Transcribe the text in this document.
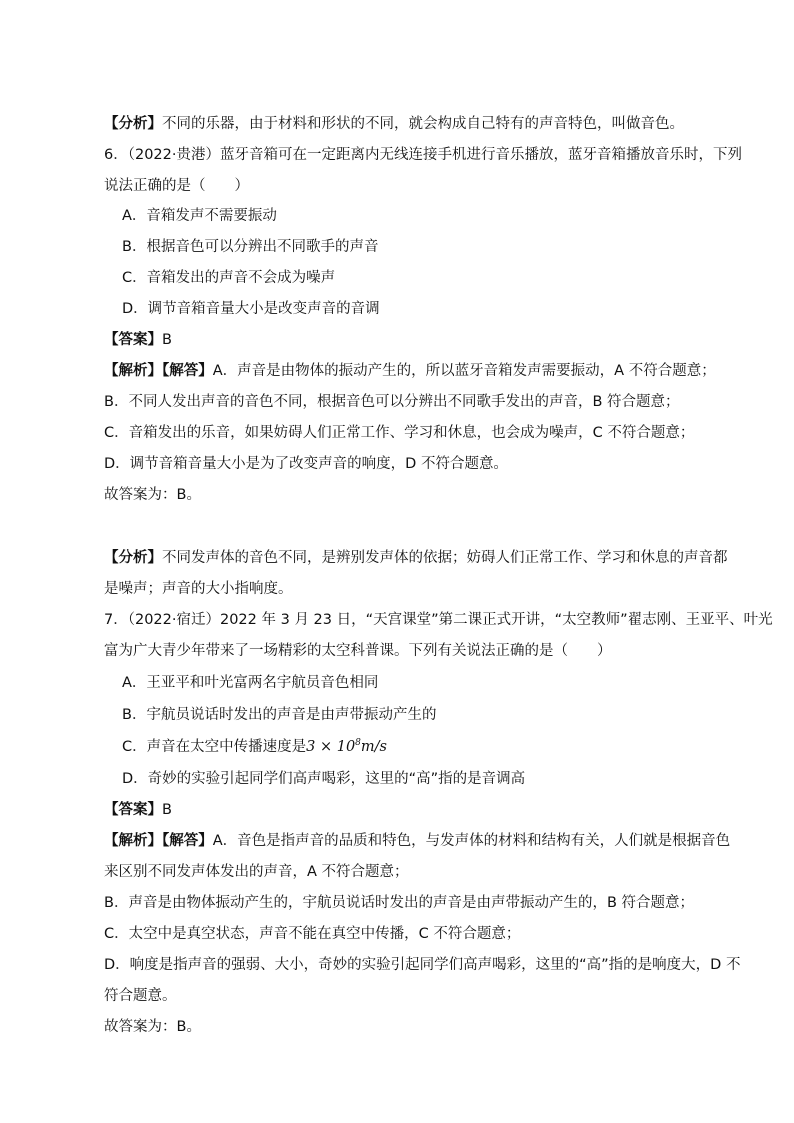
【分析】不同的乐器，由于材料和形状的不同，就会构成自己特有的声音特色，叫做音色。
6．（2022·贵港）蓝牙音箱可在一定距离内无线连接手机进行音乐播放，蓝牙音箱播放音乐时，下列
说法正确的是（　　）
A．音箱发声不需要振动
B．根据音色可以分辨出不同歌手的声音
C．音箱发出的声音不会成为噪声
D．调节音箱音量大小是改变声音的音调
【答案】B
【解析】【解答】A．声音是由物体的振动产生的，所以蓝牙音箱发声需要振动，A 不符合题意；
B．不同人发出声音的音色不同，根据音色可以分辨出不同歌手发出的声音，B 符合题意；
C．音箱发出的乐音，如果妨碍人们正常工作、学习和休息，也会成为噪声，C 不符合题意；
D．调节音箱音量大小是为了改变声音的响度，D 不符合题意。
故答案为：B。
【分析】不同发声体的音色不同，是辨别发声体的依据；妨碍人们正常工作、学习和休息的声音都
是噪声；声音的大小指响度。
7．（2022·宿迁）2022 年 3 月 23 日，“天宫课堂”第二课正式开讲，“太空教师”翟志刚、王亚平、叶光
富为广大青少年带来了一场精彩的太空科普课。下列有关说法正确的是（　　）
A．王亚平和叶光富两名宇航员音色相同
B．宇航员说话时发出的声音是由声带振动产生的
C．声音在太空中传播速度是$3 \times 10^8m/s$
D．奇妙的实验引起同学们高声喝彩，这里的“高”指的是音调高
【答案】B
【解析】【解答】A．音色是指声音的品质和特色，与发声体的材料和结构有关，人们就是根据音色
来区别不同发声体发出的声音，A 不符合题意；
B．声音是由物体振动产生的，宇航员说话时发出的声音是由声带振动产生的，B 符合题意；
C．太空中是真空状态，声音不能在真空中传播，C 不符合题意；
D．响度是指声音的强弱、大小，奇妙的实验引起同学们高声喝彩，这里的“高”指的是响度大，D 不
符合题意。
故答案为：B。
